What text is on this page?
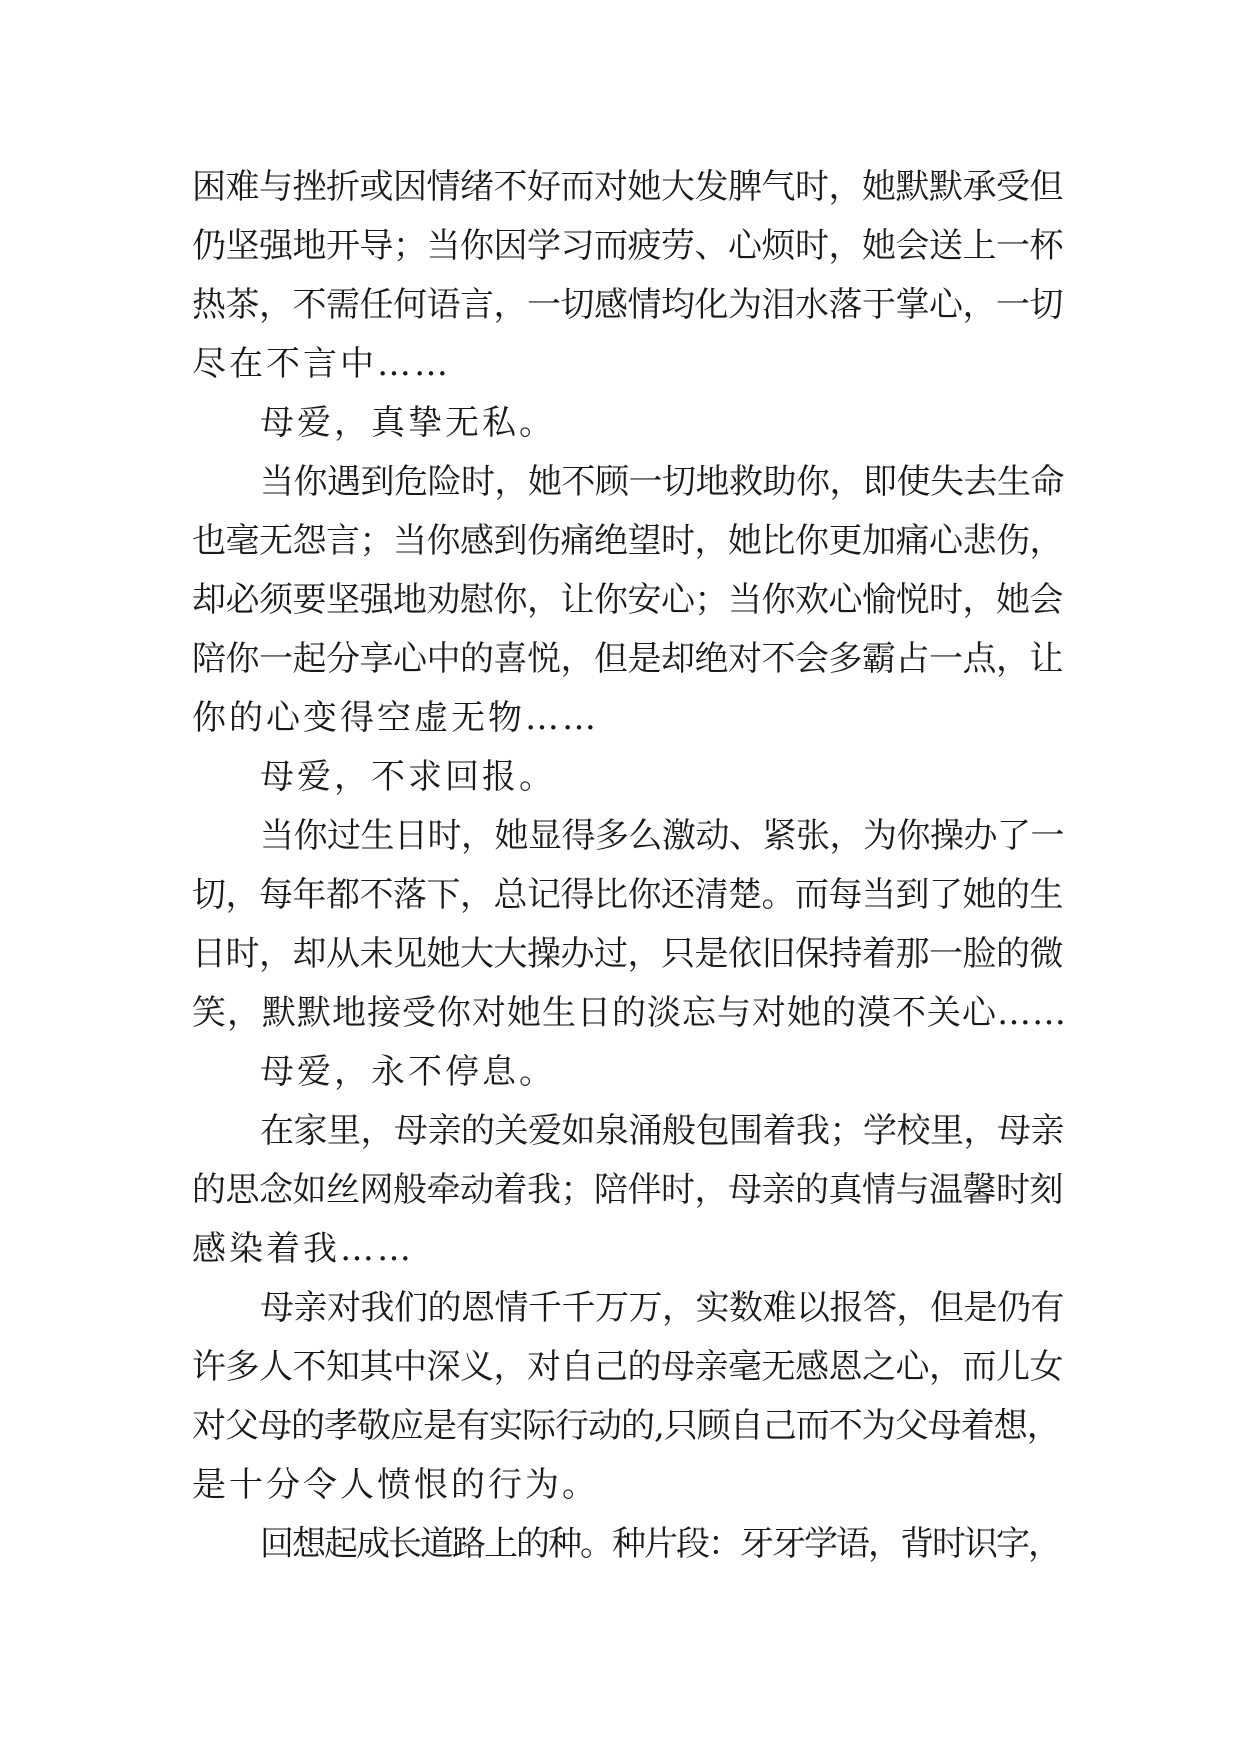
困难与挫折或因情绪不好而对她大发脾气时，她默默承受但
仍坚强地开导；当你因学习而疲劳、心烦时，她会送上一杯
热茶，不需任何语言，一切感情均化为泪水落于掌心，一切
尽在不言中……
母爱，真挚无私。
当你遇到危险时，她不顾一切地救助你，即使失去生命
也毫无怨言；当你感到伤痛绝望时，她比你更加痛心悲伤，
却必须要坚强地劝慰你，让你安心；当你欢心愉悦时，她会
陪你一起分享心中的喜悦，但是却绝对不会多霸占一点，让
你的心变得空虚无物……
母爱，不求回报。
当你过生日时，她显得多么激动、紧张，为你操办了一
切，每年都不落下，总记得比你还清楚。而每当到了她的生
日时，却从未见她大大操办过，只是依旧保持着那一脸的微
笑，默默地接受你对她生日的淡忘与对她的漠不关心……
母爱，永不停息。
在家里，母亲的关爱如泉涌般包围着我；学校里，母亲
的思念如丝网般牵动着我；陪伴时，母亲的真情与温馨时刻
感染着我……
母亲对我们的恩情千千万万，实数难以报答，但是仍有
许多人不知其中深义，对自己的母亲毫无感恩之心，而儿女
对父母的孝敬应是有实际行动的,只顾自己而不为父母着想，
是十分令人愤恨的行为。
回想起成长道路上的种。种片段：牙牙学语，背时识字，
